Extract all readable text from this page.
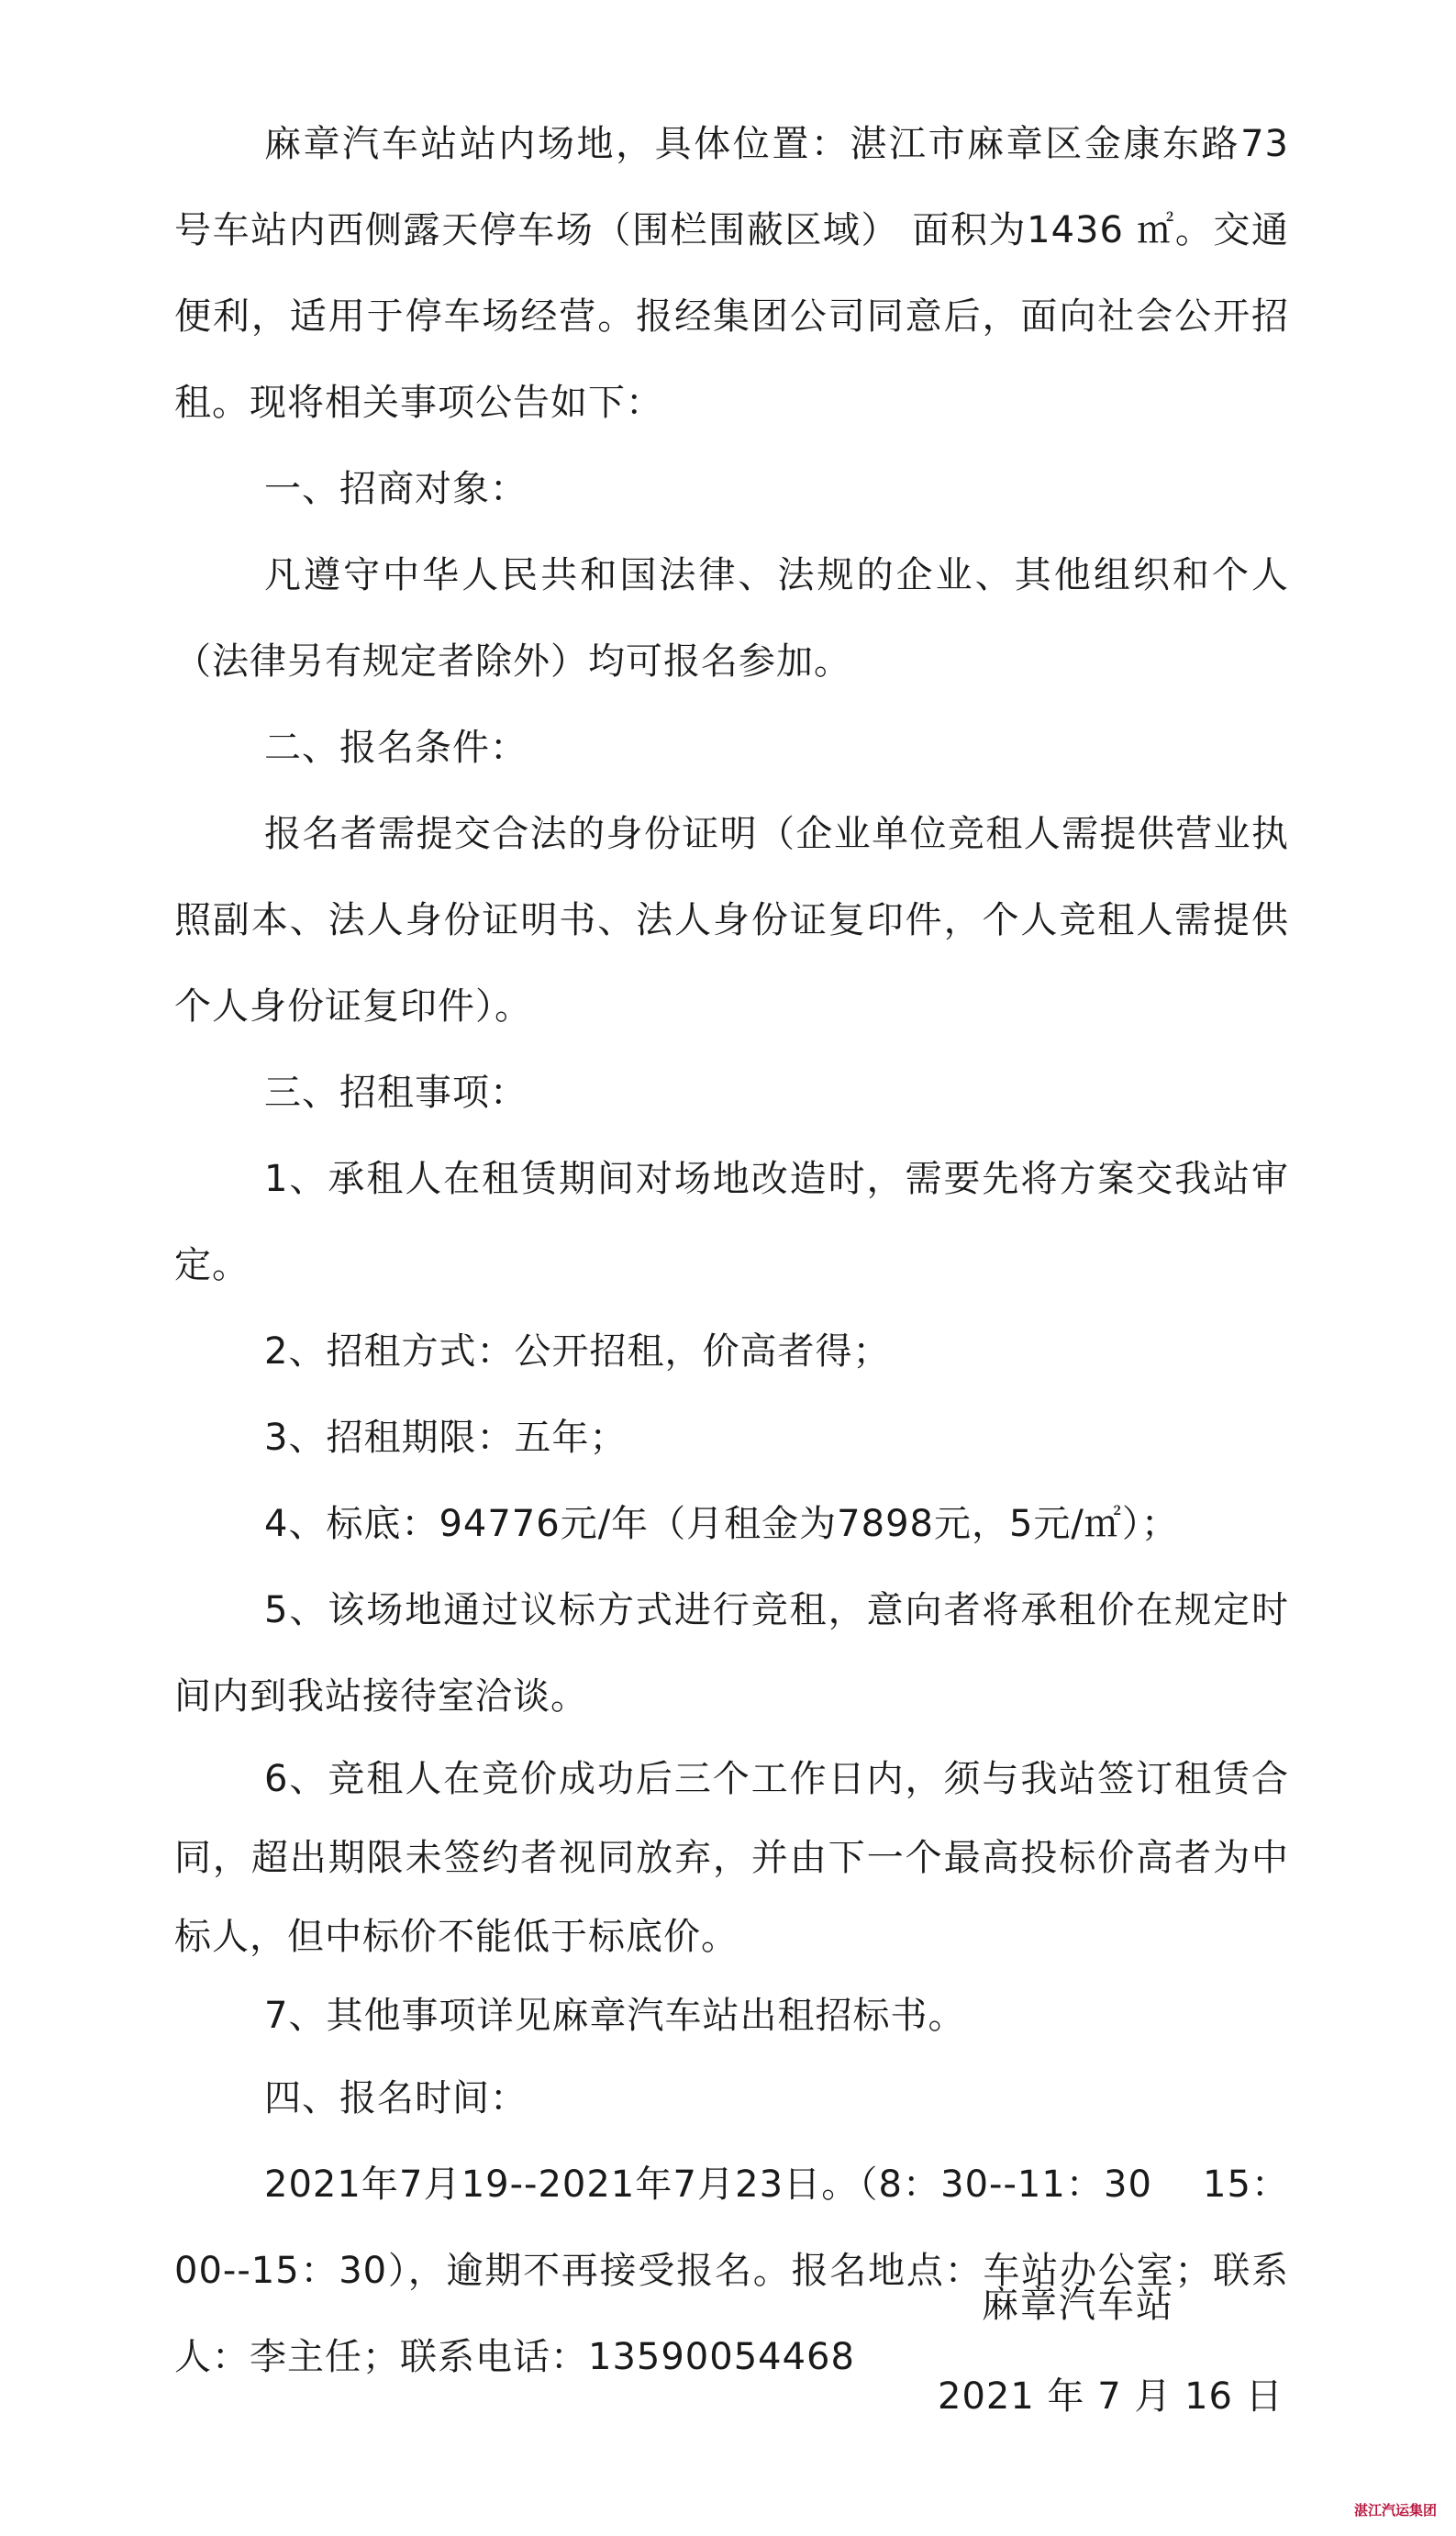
麻章汽车站站内场地，具体位置：湛江市麻章区金康东路73号车站内西侧露天停车场（围栏围蔽区域） 面积为1436 ㎡。交通便利，适用于停车场经营。报经集团公司同意后，面向社会公开招租。现将相关事项公告如下：

一、招商对象：

凡遵守中华人民共和国法律、法规的企业、其他组织和个人（法律另有规定者除外）均可报名参加。

二、报名条件：

报名者需提交合法的身份证明（企业单位竞租人需提供营业执照副本、法人身份证明书、法人身份证复印件，个人竞租人需提供个人身份证复印件）。

三、招租事项：

1、承租人在租赁期间对场地改造时，需要先将方案交我站审定。

2、招租方式：公开招租，价高者得；

3、招租期限：五年；

4、标底：94776元/年（月租金为7898元，5元/㎡）；

5、该场地通过议标方式进行竞租，意向者将承租价在规定时间内到我站接待室洽谈。

6、竞租人在竞价成功后三个工作日内，须与我站签订租赁合同，超出期限未签约者视同放弃，并由下一个最高投标价高者为中标人，但中标价不能低于标底价。

7、其他事项详见麻章汽车站出租招标书。

四、报名时间：

2021年7月19--2021年7月23日。（8：30--11：30　 15：00--15：30），逾期不再接受报名。报名地点：车站办公室；联系人：李主任；联系电话：13590054468

麻章汽车站
2021 年 7 月 16 日
湛江汽运集团
